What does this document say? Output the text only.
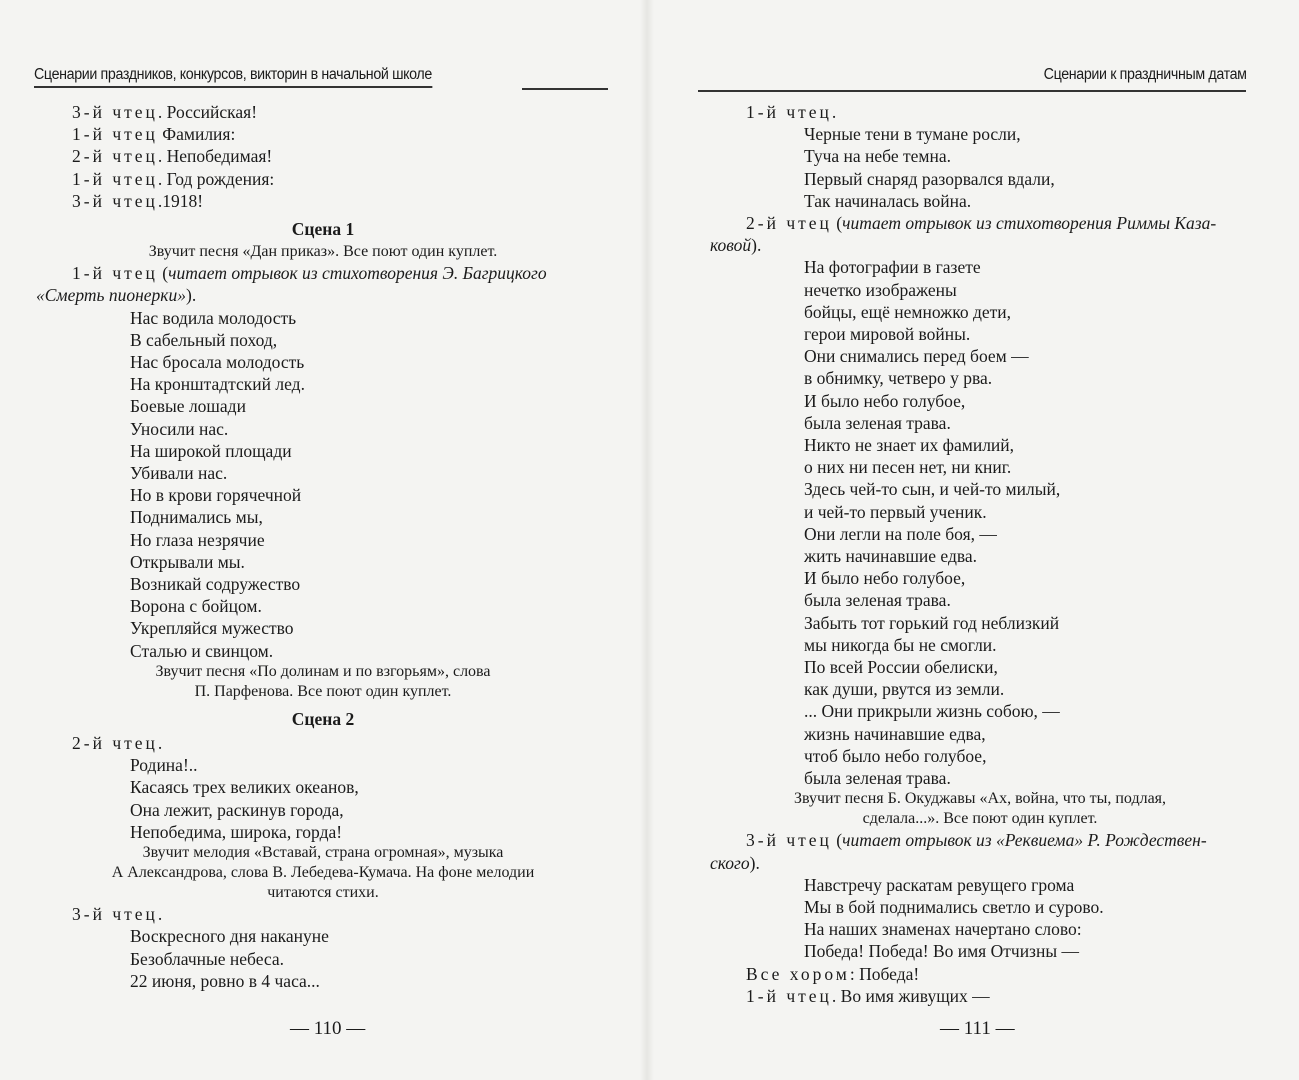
Сценарии праздников, конкурсов, викторин в начальной школе
3-й чтец. Российская!
1-й чтец Фамилия:
2-й чтец. Непобедимая!
1-й чтец. Год рождения:
3-й чтец.1918!
Сцена 1
Звучит песня «Дан приказ». Все поют один куплет.
1-й чтец (читает отрывок из стихотворения Э. Багрицкого
«Смерть пионерки»).
Нас водила молодость
В сабельный поход,
Нас бросала молодость
На кронштадтский лед.
Боевые лошади
Уносили нас.
На широкой площади
Убивали нас.
Но в крови горячечной
Поднимались мы,
Но глаза незрячие
Открывали мы.
Возникай содружество
Ворона с бойцом.
Укрепляйся мужество
Сталью и свинцом.
Звучит песня «По долинам и по взгорьям», слова
П. Парфенова. Все поют один куплет.
Сцена 2
2-й чтец.
Родина!..
Касаясь трех великих океанов,
Она лежит, раскинув города,
Непобедима, широка, горда!
Звучит мелодия «Вставай, страна огромная», музыка
А Александрова, слова В. Лебедева-Кумача. На фоне мелодии
читаются стихи.
3-й чтец.
Воскресного дня накануне
Безоблачные небеса.
22 июня, ровно в 4 часа...
— 110 —
Сценарии к праздничным датам
1-й чтец.
Черные тени в тумане росли,
Туча на небе темна.
Первый снаряд разорвался вдали,
Так начиналась война.
2-й чтец (читает отрывок из стихотворения Риммы Каза-
ковой).
На фотографии в газете
нечетко изображены
бойцы, ещё немножко дети,
герои мировой войны.
Они снимались перед боем —
в обнимку, четверо у рва.
И было небо голубое,
была зеленая трава.
Никто не знает их фамилий,
о них ни песен нет, ни книг.
Здесь чей-то сын, и чей-то милый,
и чей-то первый ученик.
Они легли на поле боя, —
жить начинавшие едва.
И было небо голубое,
была зеленая трава.
Забыть тот горький год неблизкий
мы никогда бы не смогли.
По всей России обелиски,
как души, рвутся из земли.
... Они прикрыли жизнь собою, —
жизнь начинавшие едва,
чтоб было небо голубое,
была зеленая трава.
Звучит песня Б. Окуджавы «Ах, война, что ты, подлая,
сделала...». Все поют один куплет.
3-й чтец (читает отрывок из «Реквиема» Р. Рождествен-
ского).
Навстречу раскатам ревущего грома
Мы в бой поднимались светло и сурово.
На наших знаменах начертано слово:
Победа! Победа! Во имя Отчизны —
Все хором: Победа!
1-й чтец. Во имя живущих —
— 111 —
